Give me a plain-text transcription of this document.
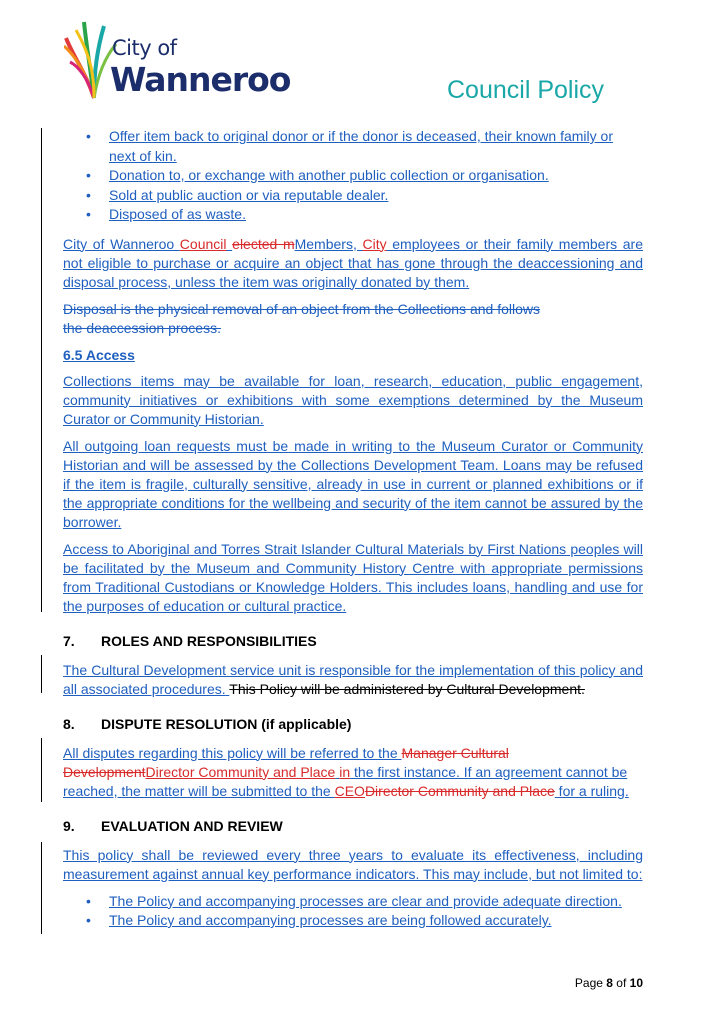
City of
Wanneroo	Council Policy
• Offer item back to original donor or if the donor is deceased, their known family or next of kin.
• Donation to, or exchange with another public collection or organisation.
• Sold at public auction or via reputable dealer.
• Disposed of as waste.

City of Wanneroo Council elected mMembers, City employees or their family members are not eligible to purchase or acquire an object that has gone through the deaccessioning and disposal process, unless the item was originally donated by them.

Disposal is the physical removal of an object from the Collections and follows the deaccession process.

6.5 Access

Collections items may be available for loan, research, education, public engagement, community initiatives or exhibitions with some exemptions determined by the Museum Curator or Community Historian.

All outgoing loan requests must be made in writing to the Museum Curator or Community Historian and will be assessed by the Collections Development Team. Loans may be refused if the item is fragile, culturally sensitive, already in use in current or planned exhibitions or if the appropriate conditions for the wellbeing and security of the item cannot be assured by the borrower.

Access to Aboriginal and Torres Strait Islander Cultural Materials by First Nations peoples will be facilitated by the Museum and Community History Centre with appropriate permissions from Traditional Custodians or Knowledge Holders. This includes loans, handling and use for the purposes of education or cultural practice.

7. ROLES AND RESPONSIBILITIES

The Cultural Development service unit is responsible for the implementation of this policy and all associated procedures. This Policy will be administered by Cultural Development.

8. DISPUTE RESOLUTION (if applicable)

All disputes regarding this policy will be referred to the Manager Cultural DevelopmentDirector Community and Place in the first instance. If an agreement cannot be reached, the matter will be submitted to the CEODirector Community and Place for a ruling.

9. EVALUATION AND REVIEW

This policy shall be reviewed every three years to evaluate its effectiveness, including measurement against annual key performance indicators. This may include, but not limited to:

• The Policy and accompanying processes are clear and provide adequate direction.
• The Policy and accompanying processes are being followed accurately.
Page 8 of 10
